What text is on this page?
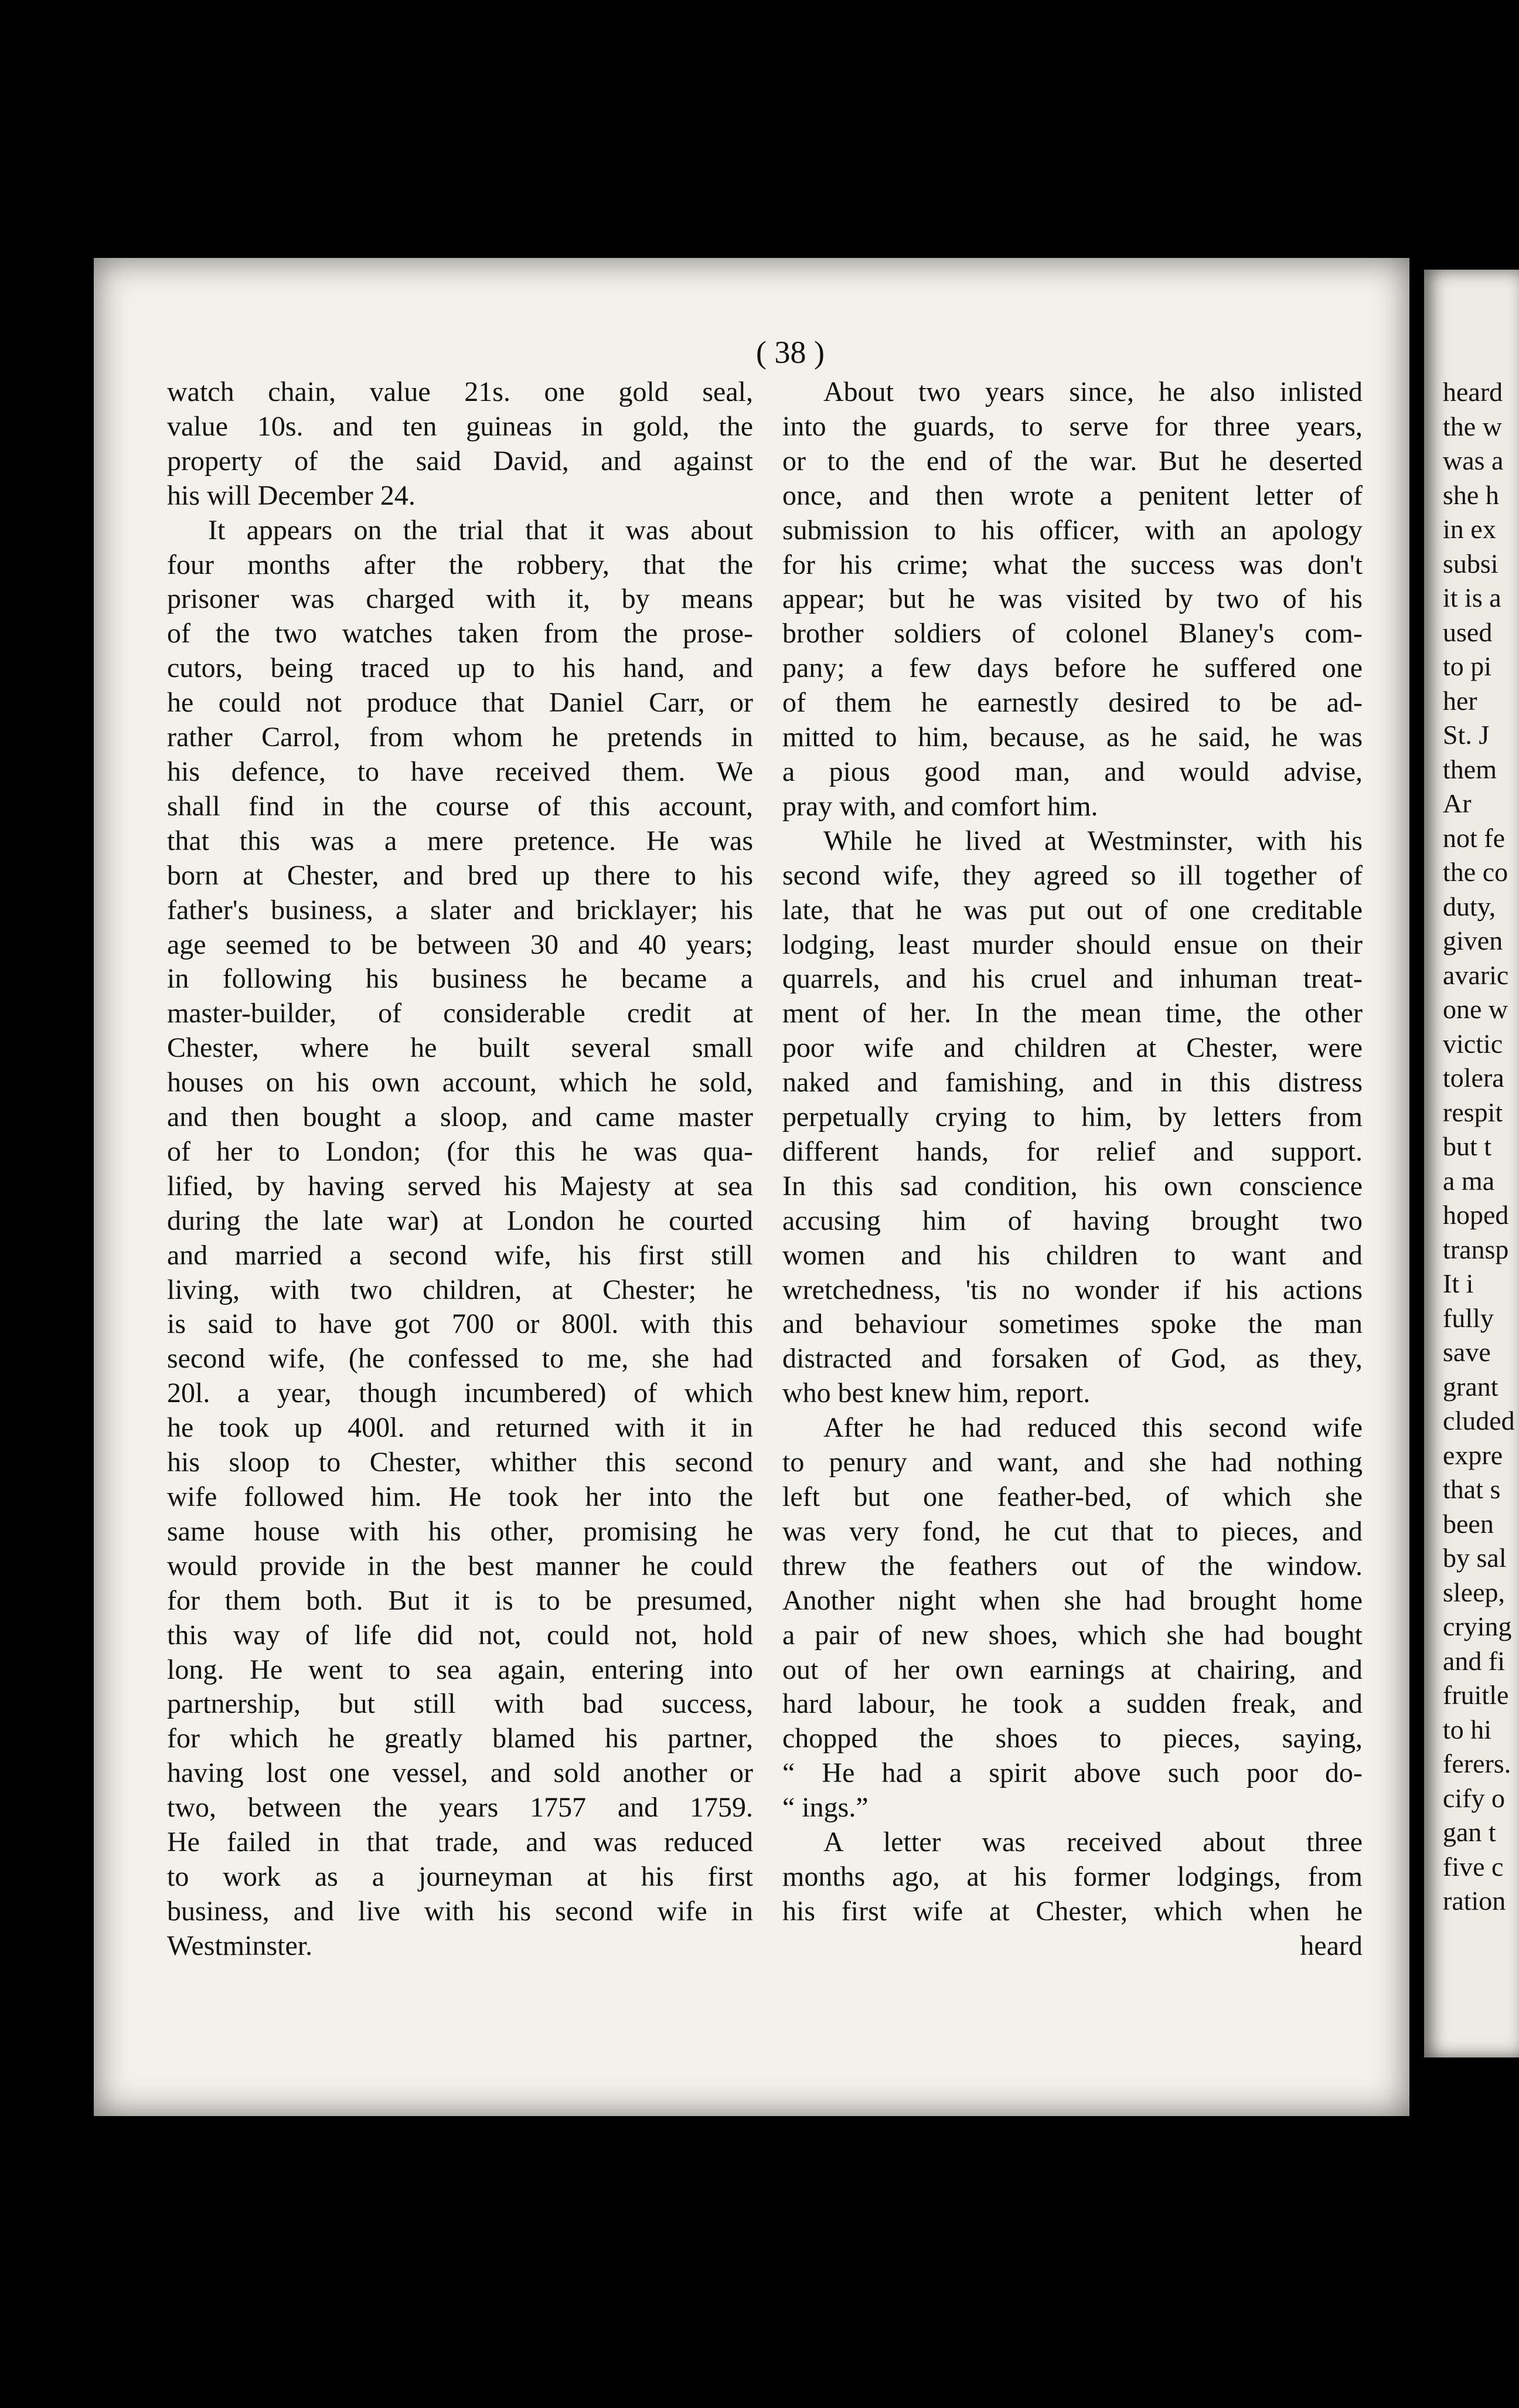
heard
the w
was a
she h
in ex
subsi
it is a
used
to pi
her
St. J
them
Ar
not fe
the co
duty,
given
avaric
one w
victic
tolera
respit
but t
a ma
hoped
transp
It i
fully
save
grant
cluded
expre
that s
been
by sal
sleep,
crying
and fi
fruitle
to hi
ferers.
cify o
gan t
five c
ration
( 38 )
watch chain, value 21s. one gold seal,
value 10s. and ten guineas in gold, the
property of the said David, and against
his will December 24.
It appears on the trial that it was about
four months after the robbery, that the
prisoner was charged with it, by means
of the two watches taken from the prose-
cutors, being traced up to his hand, and
he could not produce that Daniel Carr, or
rather Carrol, from whom he pretends in
his defence, to have received them. We
shall find in the course of this account,
that this was a mere pretence. He was
born at Chester, and bred up there to his
father's business, a slater and bricklayer; his
age seemed to be between 30 and 40 years;
in following his business he became a
master-builder, of considerable credit at
Chester, where he built several small
houses on his own account, which he sold,
and then bought a sloop, and came master
of her to London; (for this he was qua-
lified, by having served his Majesty at sea
during the late war) at London he courted
and married a second wife, his first still
living, with two children, at Chester; he
is said to have got 700 or 800l. with this
second wife, (he confessed to me, she had
20l. a year, though incumbered) of which
he took up 400l. and returned with it in
his sloop to Chester, whither this second
wife followed him. He took her into the
same house with his other, promising he
would provide in the best manner he could
for them both. But it is to be presumed,
this way of life did not, could not, hold
long. He went to sea again, entering into
partnership, but still with bad success,
for which he greatly blamed his partner,
having lost one vessel, and sold another or
two, between the years 1757 and 1759.
He failed in that trade, and was reduced
to work as a journeyman at his first
business, and live with his second wife in
Westminster.
About two years since, he also inlisted
into the guards, to serve for three years,
or to the end of the war. But he deserted
once, and then wrote a penitent letter of
submission to his officer, with an apology
for his crime; what the success was don't
appear; but he was visited by two of his
brother soldiers of colonel Blaney's com-
pany; a few days before he suffered one
of them he earnestly desired to be ad-
mitted to him, because, as he said, he was
a pious good man, and would advise,
pray with, and comfort him.
While he lived at Westminster, with his
second wife, they agreed so ill together of
late, that he was put out of one creditable
lodging, least murder should ensue on their
quarrels, and his cruel and inhuman treat-
ment of her. In the mean time, the other
poor wife and children at Chester, were
naked and famishing, and in this distress
perpetually crying to him, by letters from
different hands, for relief and support.
In this sad condition, his own conscience
accusing him of having brought two
women and his children to want and
wretchedness, 'tis no wonder if his actions
and behaviour sometimes spoke the man
distracted and forsaken of God, as they,
who best knew him, report.
After he had reduced this second wife
to penury and want, and she had nothing
left but one feather-bed, of which she
was very fond, he cut that to pieces, and
threw the feathers out of the window.
Another night when she had brought home
a pair of new shoes, which she had bought
out of her own earnings at chairing, and
hard labour, he took a sudden freak, and
chopped the shoes to pieces, saying,
“ He had a spirit above such poor do-
“ ings.”
A letter was received about three
months ago, at his former lodgings, from
his first wife at Chester, which when he
heard
